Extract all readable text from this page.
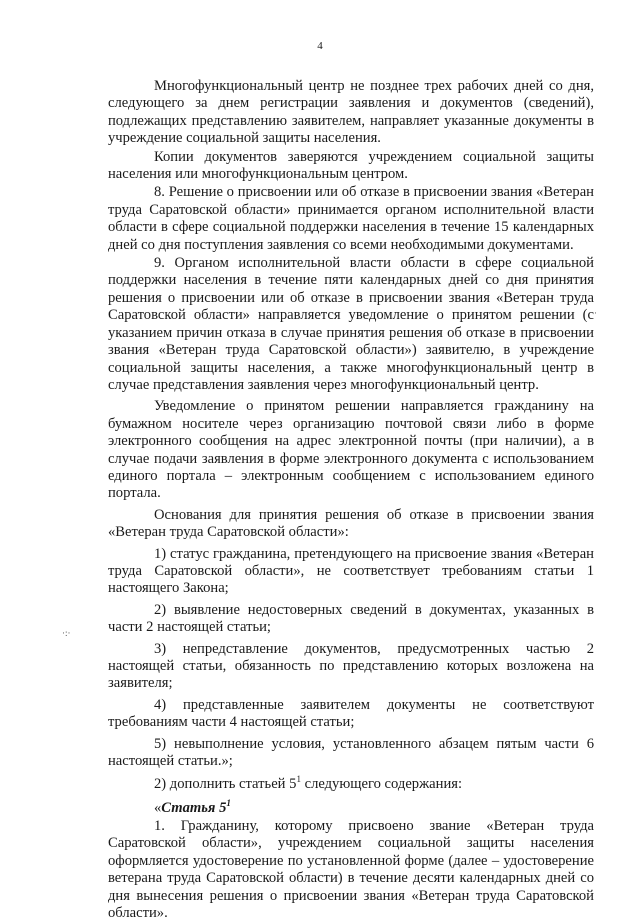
4

Многофункциональный центр не позднее трех рабочих дней со дня, следующего за днем регистрации заявления и документов (сведений), подлежащих представлению заявителем, направляет указанные документы в учреждение социальной защиты населения.

Копии документов заверяются учреждением социальной защиты населения или многофункциональным центром.

8. Решение о присвоении или об отказе в присвоении звания «Ветеран труда Саратовской области» принимается органом исполнительной власти области в сфере социальной поддержки населения в течение 15 календарных дней со дня поступления заявления со всеми необходимыми документами.

9. Органом исполнительной власти области в сфере социальной поддержки населения в течение пяти календарных дней со дня принятия решения о присвоении или об отказе в присвоении звания «Ветеран труда Саратовской области» направляется уведомление о принятом решении (с указанием причин отказа в случае принятия решения об отказе в присвоении звания «Ветеран труда Саратовской области») заявителю, в учреждение социальной защиты населения, а также многофункциональный центр в случае представления заявления через многофункциональный центр.

Уведомление о принятом решении направляется гражданину на бумажном носителе через организацию почтовой связи либо в форме электронного сообщения на адрес электронной почты (при наличии), а в случае подачи заявления в форме электронного документа с использованием единого портала – электронным сообщением с использованием единого портала.

Основания для принятия решения об отказе в присвоении звания «Ветеран труда Саратовской области»:

1) статус гражданина, претендующего на присвоение звания «Ветеран труда Саратовской области», не соответствует требованиям статьи 1 настоящего Закона;

2) выявление недостоверных сведений в документах, указанных в части 2 настоящей статьи;

3) непредставление документов, предусмотренных частью 2 настоящей статьи, обязанность по представлению которых возложена на заявителя;

4) представленные заявителем документы не соответствуют требованиям части 4 настоящей статьи;

5) невыполнение условия, установленного абзацем пятым части 6 настоящей статьи.»;

2) дополнить статьей $5^1$ следующего содержания:

«Статья $5^1$

1. Гражданину, которому присвоено звание «Ветеран труда Саратовской области», учреждением социальной защиты населения оформляется удостоверение по установленной форме (далее – удостоверение ветерана труда Саратовской области) в течение десяти календарных дней со дня вынесения решения о присвоении звания «Ветеран труда Саратовской области».

·:·
·
